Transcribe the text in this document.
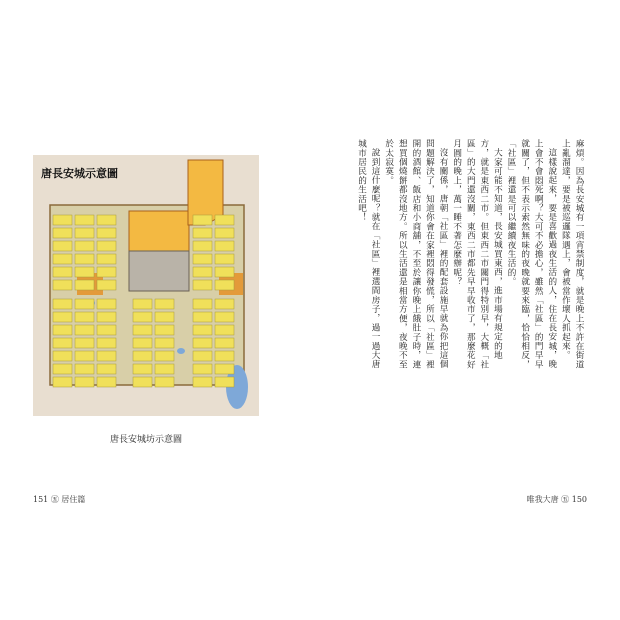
唐長安城示意圖
唐長安城坊示意圖
151 ㊄ 居住篇

麻煩。因為長安城有一項宵禁制度，就是晚上不許在街道上亂溜達，要是被巡邏隊遇上，會被當作壞人抓起來。

這樣說起來，要是喜歡過夜生活的人，住在長安城，晚上會不會悶死啊？大可不必擔心，雖然「社區」的門早早就關了，但不表示索然無味的夜晚就要來臨，恰恰相反，「社區」裡還是可以繼續夜生活的。

大家可能不知道，長安城買東西，進市場有規定的地方，就是東西二市。但東西二市關門得特別早，大概「社區」的大門還沒關，東西二市都先早早收市了，那麼花好月圓的晚上，萬一睡不著怎麼辦呢？

沒有關係，唐朝「社區」裡的配套設施早就為你把這個問題解決了，知道你會在家裡悶得發慌，所以「社區」裡開的酒館、飯店和小商舖，不至於讓你晚上餓肚子時，連想買個燒餅都沒地方。所以生活還是相當方便，夜晚不至於太寂寞。

說到這什麼呢？就在「社區」裡選間房子，過一過大唐城市居民的生活吧！

唯我大唐 ㊄ 150
